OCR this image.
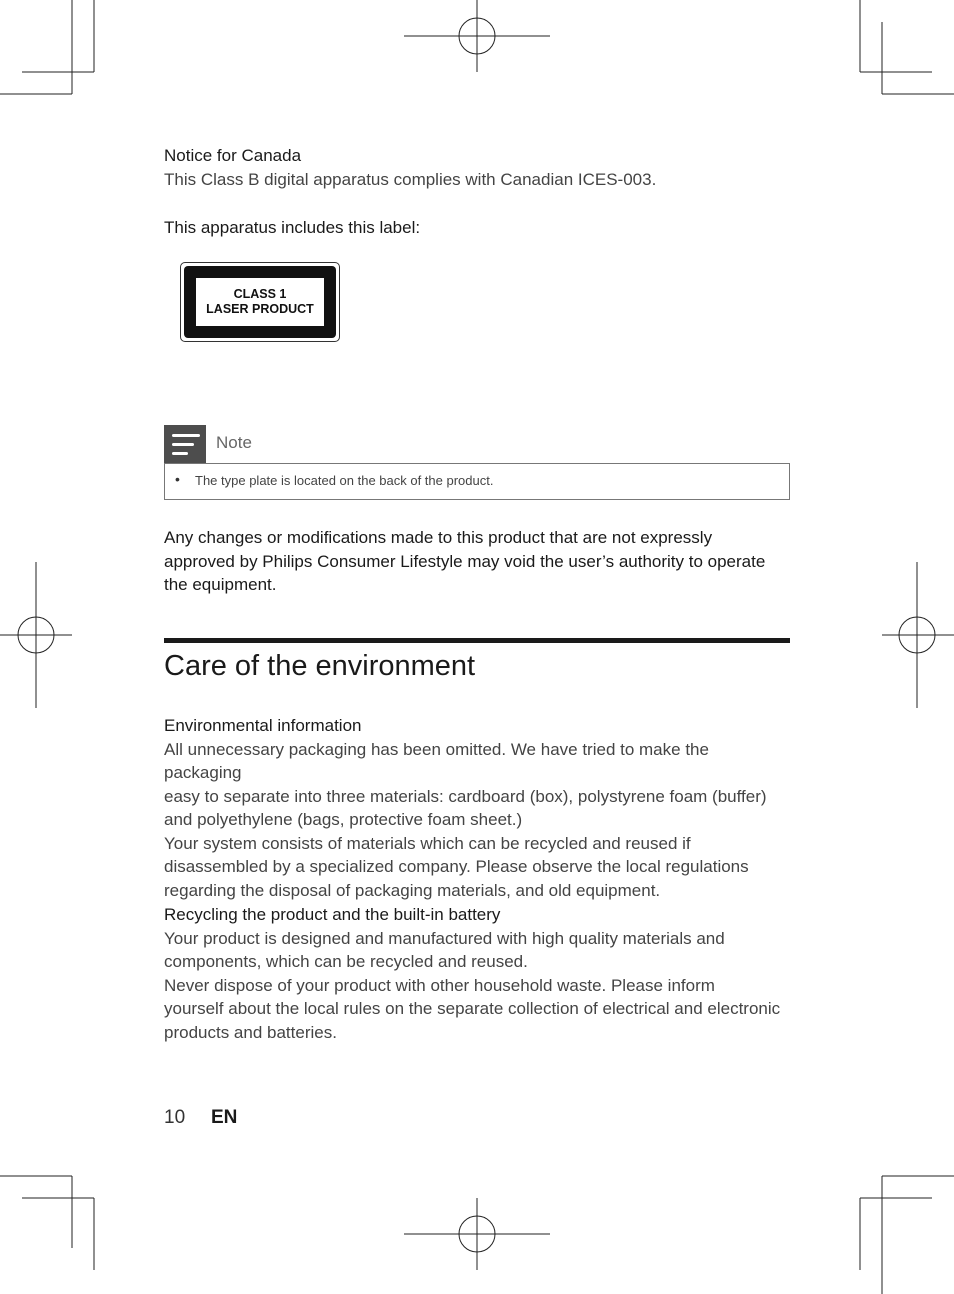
Notice for Canada
This Class B digital apparatus complies with Canadian ICES-003.
This apparatus includes this label:
CLASS 1
LASER PRODUCT
Note
• The type plate is located on the back of the product.
Any changes or modifications made to this product that are not expressly
approved by Philips Consumer Lifestyle may void the user’s authority to operate
the equipment.
Care of the environment
Environmental information
All unnecessary packaging has been omitted. We have tried to make the packaging
easy to separate into three materials: cardboard (box), polystyrene foam (buffer)
and polyethylene (bags, protective foam sheet.)
Your system consists of materials which can be recycled and reused if
disassembled by a specialized company. Please observe the local regulations
regarding the disposal of packaging materials, and old equipment.
Recycling the product and the built-in battery
Your product is designed and manufactured with high quality materials and
components, which can be recycled and reused.
Never dispose of your product with other household waste. Please inform
yourself about the local rules on the separate collection of electrical and electronic
products and batteries.
10 EN
